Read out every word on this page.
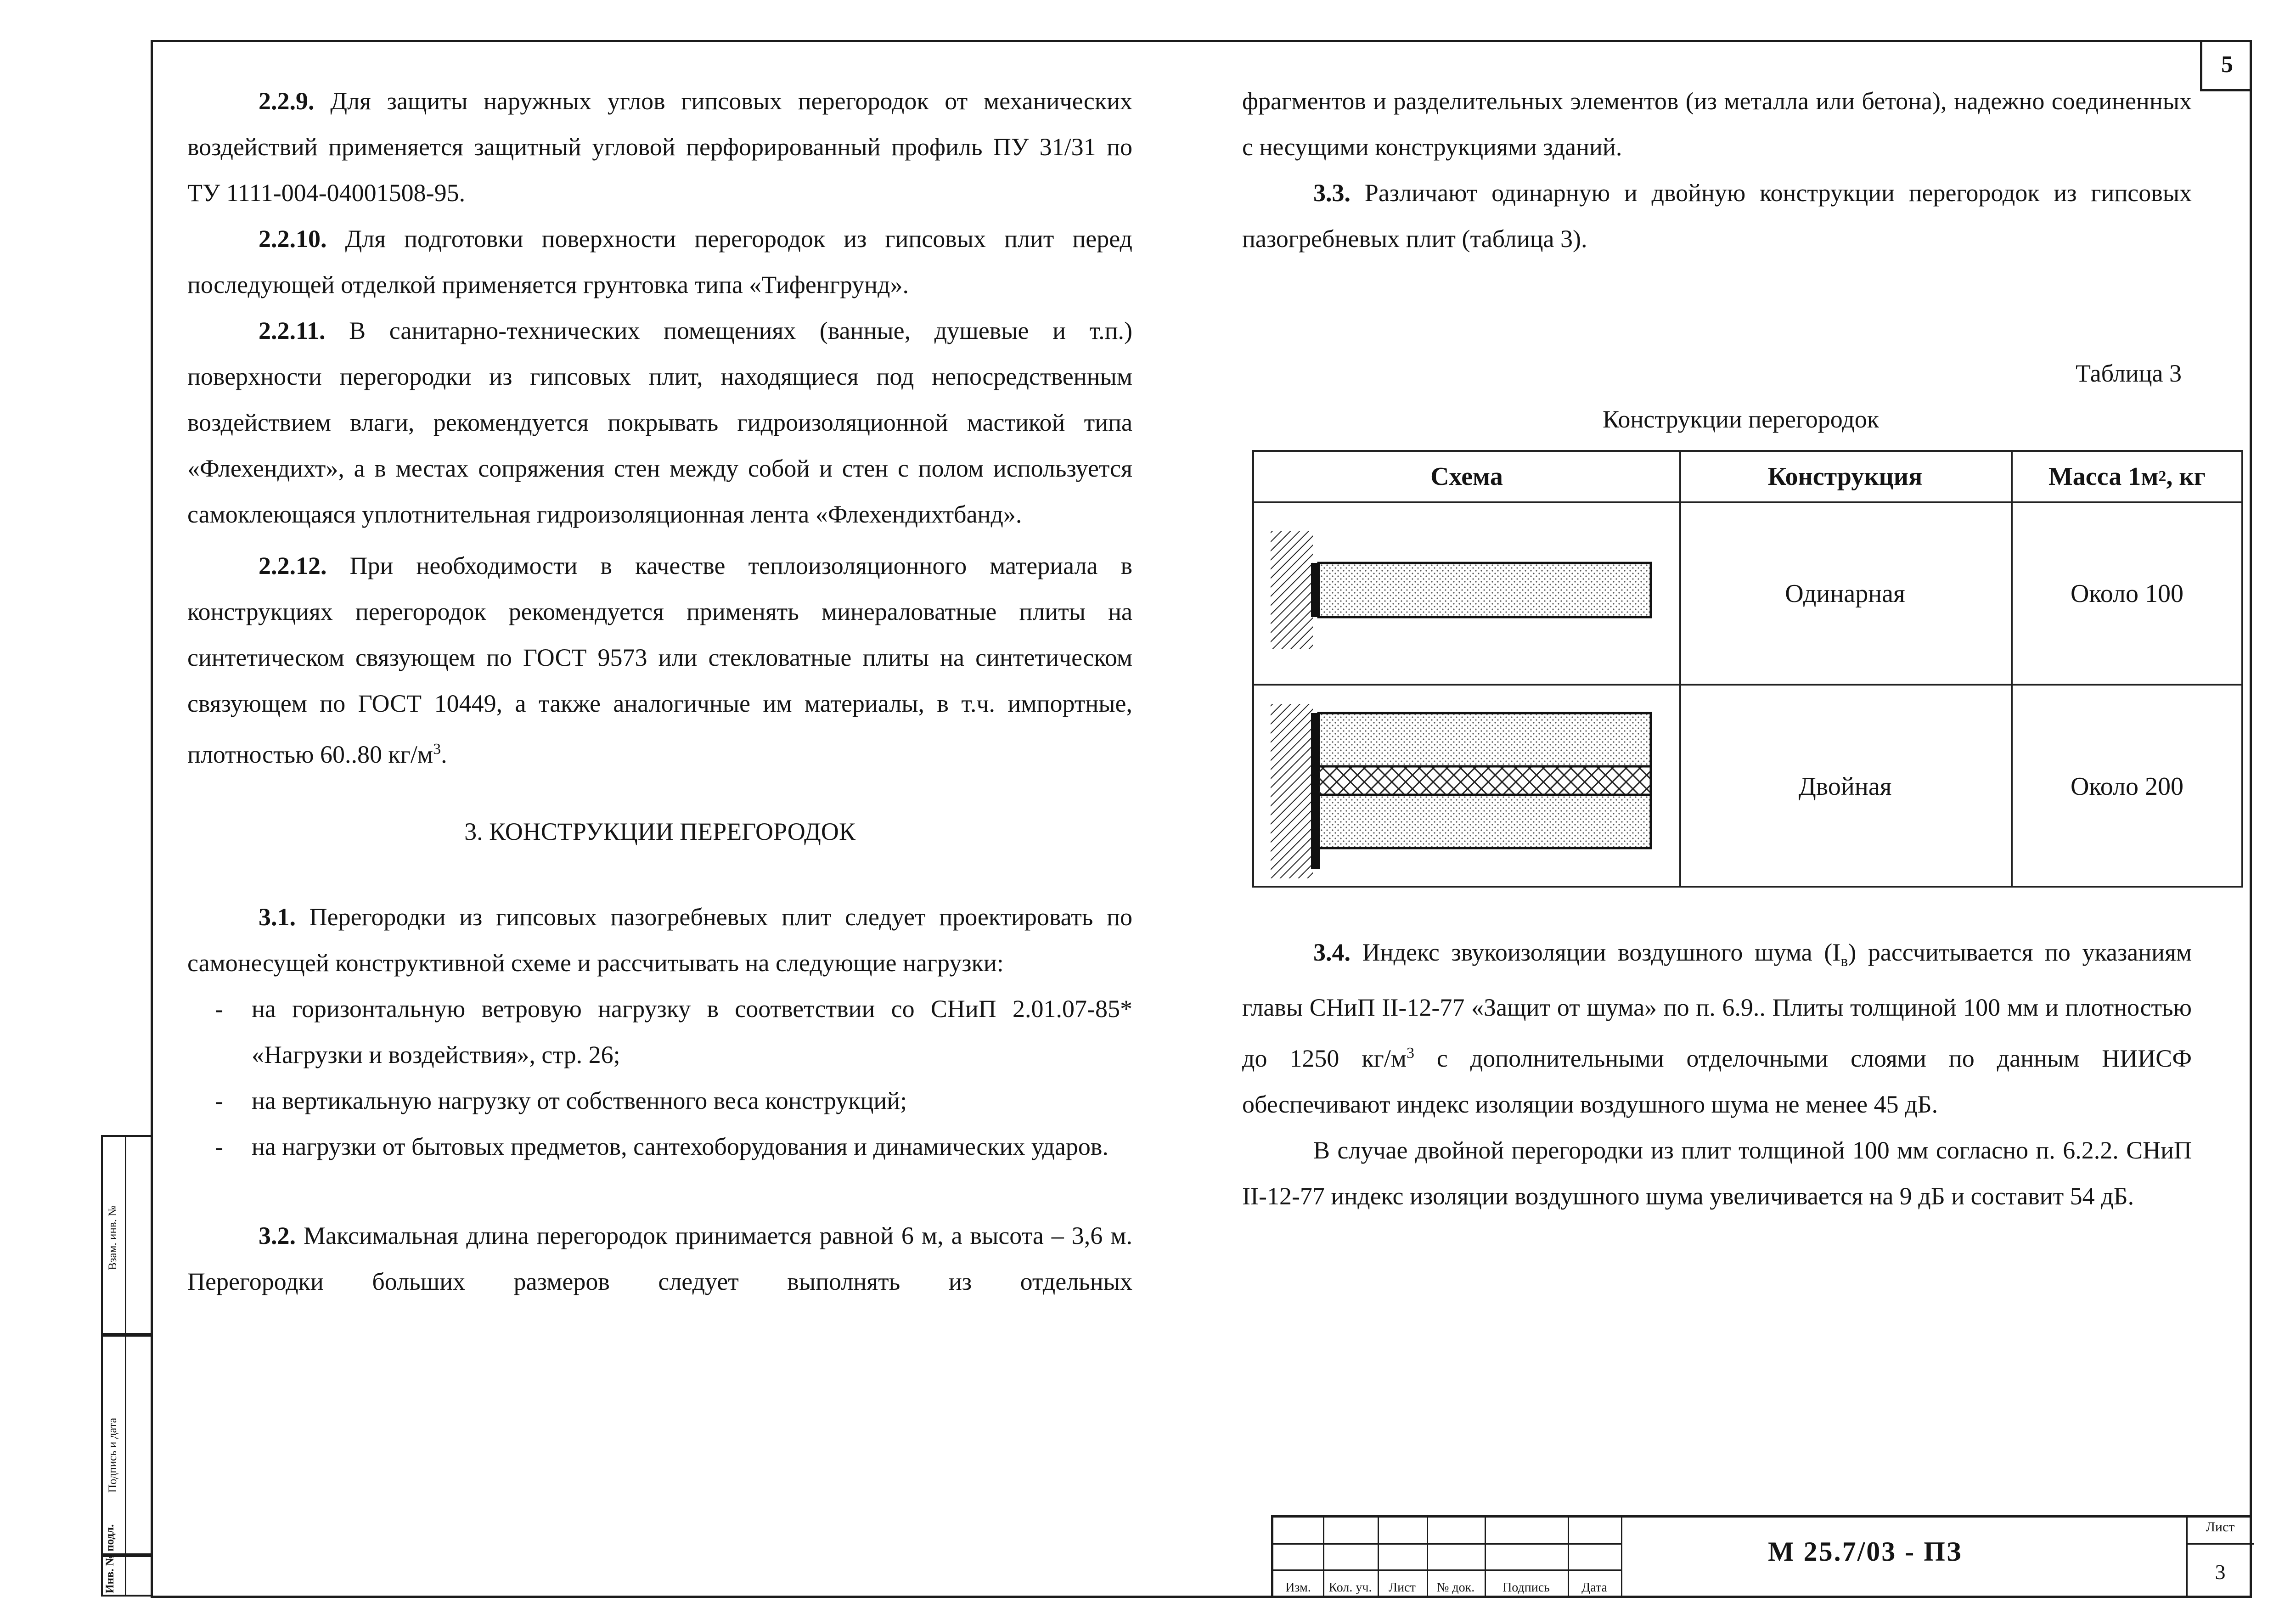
5

2.2.9. Для защиты наружных углов гипсовых перегородок от механических воздействий применяется защитный угловой перфорированный профиль ПУ 31/31 по ТУ 1111-004-04001508-95.

2.2.10. Для подготовки поверхности перегородок из гипсовых плит перед последующей отделкой применяется грунтовка типа «Тифенгрунд».

2.2.11. В санитарно-технических помещениях (ванные, душевые и т.п.) поверхности перегородки из гипсовых плит, находящиеся под непосредственным воздействием влаги, рекомендуется покрывать гидроизоляционной мастикой типа «Флехендихт», а в местах сопряжения стен между собой и стен с полом используется самоклеющаяся уплотнительная гидроизоляционная лента «Флехендихтбанд».

2.2.12. При необходимости в качестве теплоизоляционного материала в конструкциях перегородок рекомендуется применять минераловатные плиты на синтетическом связующем по ГОСТ 9573 или стекловатные плиты на синтетическом связующем по ГОСТ 10449, а также аналогичные им материалы, в т.ч. импортные, плотностью 60..80 $кг/м^3$.

3. КОНСТРУКЦИИ ПЕРЕГОРОДОК

3.1. Перегородки из гипсовых пазогребневых плит следует проектировать по самонесущей конструктивной схеме и рассчитывать на следующие нагрузки:

-	на горизонтальную ветровую нагрузку в соответствии со СНиП 2.01.07-85* «Нагрузки и воздействия», стр. 26;
-	на вертикальную нагрузку от собственного веса конструкций;
-	на нагрузки от бытовых предметов, сантехоборудования и динамических ударов.

3.2. Максимальная длина перегородок принимается равной 6 м, а высота – 3,6 м. Перегородки больших размеров следует выполнять из отдельных

фрагментов и разделительных элементов (из металла или бетона), надежно соединенных с несущими конструкциями зданий.

3.3. Различают одинарную и двойную конструкции перегородок из гипсовых пазогребневых плит (таблица 3).

Таблица 3
Конструкции перегородок
Схема	Конструкция	Масса 1м 2 , кг
Одинарная	Около 100
Двойная	Около 200

3.4. Индекс звукоизоляции воздушного шума $(I_в)$ рассчитывается по указаниям главы СНиП II-12-77 «Защит от шума» по п. 6.9.. Плиты толщиной 100 мм и плотностью до 1250 $кг/м^3$ с дополнительными отделочными слоями по данным НИИСФ обеспечивают индекс изоляции воздушного шума не менее 45 дБ.

В случае двойной перегородки из плит толщиной 100 мм согласно п. 6.2.2. СНиП II-12-77 индекс изоляции воздушного шума увеличивается на 9 дБ и составит 54 дБ.

Изм.	Кол. уч.	Лист	№ док.	Подпись	Дата
Лист
3
М 25.7/03 - ПЗ
Взам. инв. №
Подпись и дата
Инв. № подл.
